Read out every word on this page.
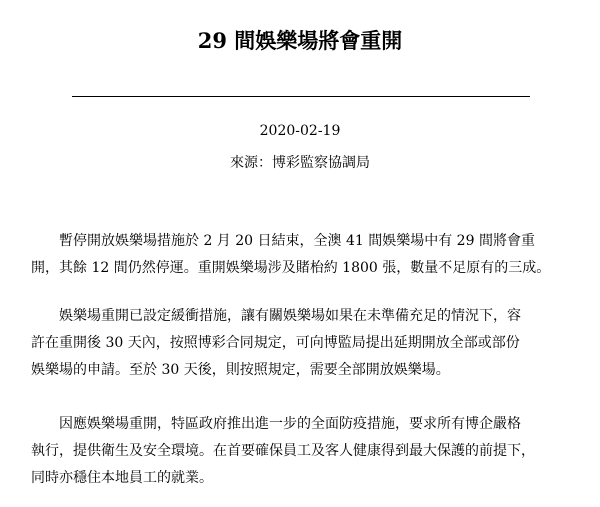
29 間娛樂場將會重開
2020-02-19
來源：博彩監察協調局

暫停開放娛樂場措施於 2 月 20 日結束，全澳 41 間娛樂場中有 29 間將會重
開，其餘 12 間仍然停運。重開娛樂場涉及賭枱約 1800 張，數量不足原有的三成。

娛樂場重開已設定緩衝措施，讓有關娛樂場如果在未準備充足的情況下，容
許在重開後 30 天內，按照博彩合同規定，可向博監局提出延期開放全部或部份
娛樂場的申請。至於 30 天後，則按照規定，需要全部開放娛樂場。

因應娛樂場重開，特區政府推出進一步的全面防疫措施，要求所有博企嚴格
執行，提供衛生及安全環境。在首要確保員工及客人健康得到最大保護的前提下，
同時亦穩住本地員工的就業。
